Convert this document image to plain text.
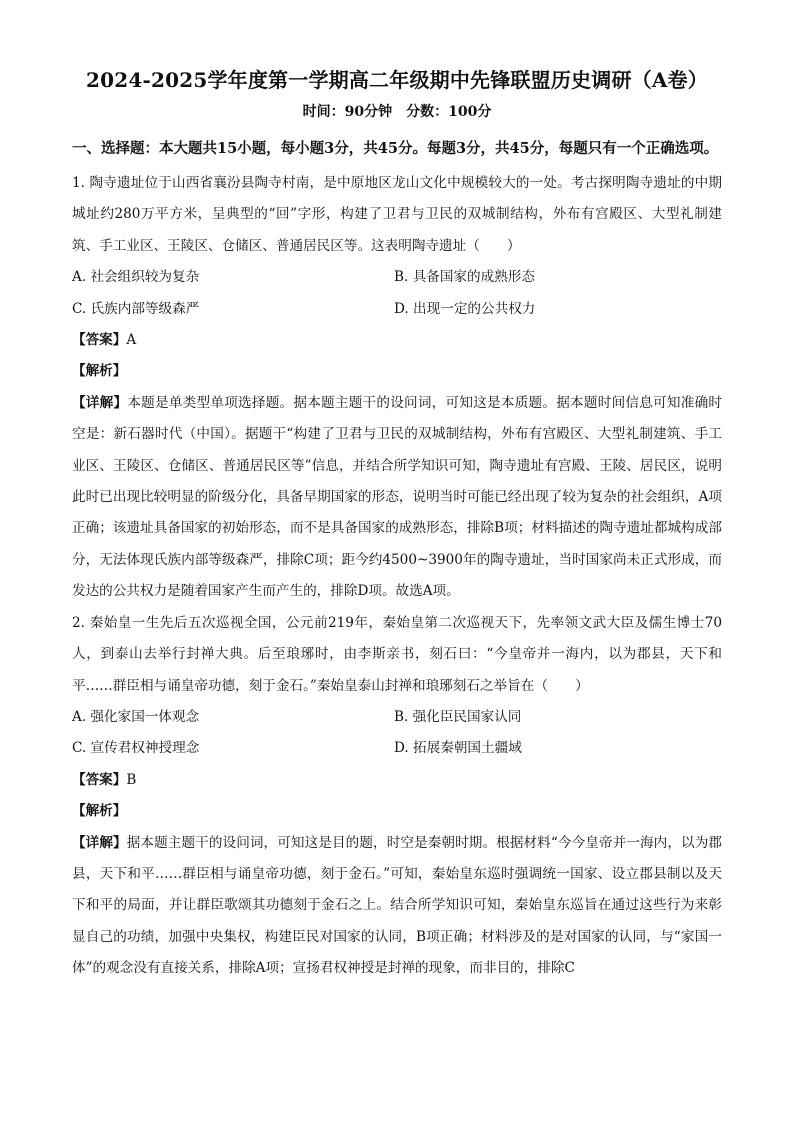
2024-2025学年度第一学期高二年级期中先锋联盟历史调研（A卷）
时间：90分钟　分数：100分
一、选择题：本大题共15小题，每小题3分，共45分。每题3分，共45分，每题只有一个正确选项。

1. 陶寺遗址位于山西省襄汾县陶寺村南，是中原地区龙山文化中规模较大的一处。考古探明陶寺遗址的中期城址约280万平方米，呈典型的“回”字形，构建了卫君与卫民的双城制结构，外布有宫殿区、大型礼制建筑、手工业区、王陵区、仓储区、普通居民区等。这表明陶寺遗址（　　）

A. 社会组织较为复杂	B. 具备国家的成熟形态
C. 氏族内部等级森严	D. 出现一定的公共权力

【答案】A

【解析】

【详解】本题是单类型单项选择题。据本题主题干的设问词，可知这是本质题。据本题时间信息可知准确时空是：新石器时代（中国）。据题干“构建了卫君与卫民的双城制结构，外布有宫殿区、大型礼制建筑、手工业区、王陵区、仓储区、普通居民区等”信息，并结合所学知识可知，陶寺遗址有宫殿、王陵、居民区，说明此时已出现比较明显的阶级分化，具备早期国家的形态，说明当时可能已经出现了较为复杂的社会组织，A项正确；该遗址具备国家的初始形态，而不是具备国家的成熟形态，排除B项；材料描述的陶寺遗址都城构成部分，无法体现氏族内部等级森严，排除C项；距今约4500~3900年的陶寺遗址，当时国家尚未正式形成，而发达的公共权力是随着国家产生而产生的，排除D项。故选A项。

2. 秦始皇一生先后五次巡视全国，公元前219年，秦始皇第二次巡视天下，先率领文武大臣及儒生博士70人，到泰山去举行封禅大典。后至琅琊时，由李斯亲书，刻石曰：“今皇帝并一海内，以为郡县，天下和平……群臣相与诵皇帝功德，刻于金石。”秦始皇泰山封禅和琅琊刻石之举旨在（　　）

A. 强化家国一体观念	B. 强化臣民国家认同
C. 宣传君权神授理念	D. 拓展秦朝国土疆域

【答案】B

【解析】

【详解】据本题主题干的设问词，可知这是目的题，时空是秦朝时期。根据材料“今今皇帝并一海内，以为郡县，天下和平……群臣相与诵皇帝功德，刻于金石。”可知，秦始皇东巡时强调统一国家、设立郡县制以及天下和平的局面，并让群臣歌颂其功德刻于金石之上。结合所学知识可知，秦始皇东巡旨在通过这些行为来彰显自己的功绩，加强中央集权，构建臣民对国家的认同，B项正确；材料涉及的是对国家的认同，与“家国一体”的观念没有直接关系，排除A项；宣扬君权神授是封禅的现象，而非目的，排除C
